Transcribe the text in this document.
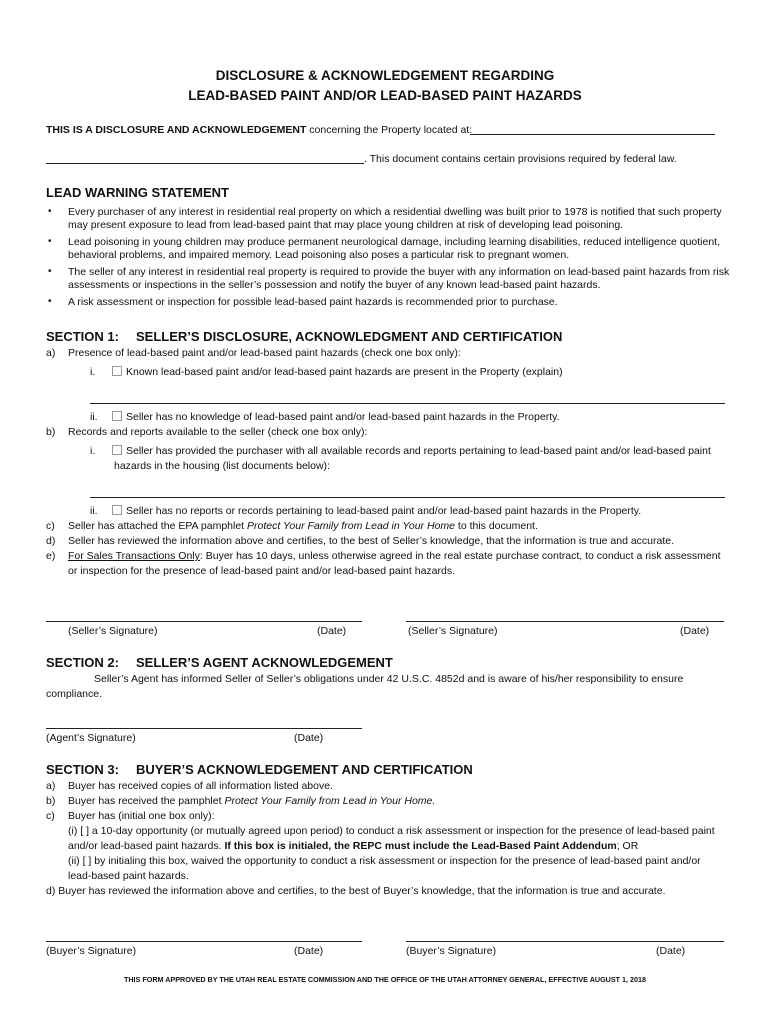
DISCLOSURE & ACKNOWLEDGEMENT REGARDING
LEAD-BASED PAINT AND/OR LEAD-BASED PAINT HAZARDS
THIS IS A DISCLOSURE AND ACKNOWLEDGEMENT concerning the Property located at:
. This document contains certain provisions required by federal law.
LEAD WARNING STATEMENT
• Every purchaser of any interest in residential real property on which a residential dwelling was built prior to 1978 is notified that such property
may present exposure to lead from lead-based paint that may place young children at risk of developing lead poisoning.
• Lead poisoning in young children may produce permanent neurological damage, including learning disabilities, reduced intelligence quotient,
behavioral problems, and impaired memory. Lead poisoning also poses a particular risk to pregnant women.
• The seller of any interest in residential real property is required to provide the buyer with any information on lead-based paint hazards from risk
assessments or inspections in the seller’s possession and notify the buyer of any known lead-based paint hazards.
• A risk assessment or inspection for possible lead-based paint hazards is recommended prior to purchase.
SECTION 1: SELLER’S DISCLOSURE, ACKNOWLEDGMENT AND CERTIFICATION
a) Presence of lead-based paint and/or lead-based paint hazards (check one box only):
i.	Known lead-based paint and/or lead-based paint hazards are present in the Property (explain)
ii.	Seller has no knowledge of lead-based paint and/or lead-based paint hazards in the Property.
b) Records and reports available to the seller (check one box only):
i.	Seller has provided the purchaser with all available records and reports pertaining to lead-based paint and/or lead-based paint
hazards in the housing (list documents below):
ii.	Seller has no reports or records pertaining to lead-based paint and/or lead-based paint hazards in the Property.
c) Seller has attached the EPA pamphlet Protect Your Family from Lead in Your Home to this document.
d) Seller has reviewed the information above and certifies, to the best of Seller’s knowledge, that the information is true and accurate.
e) For Sales Transactions Only: Buyer has 10 days, unless otherwise agreed in the real estate purchase contract, to conduct a risk assessment
or inspection for the presence of lead-based paint and/or lead-based paint hazards.
(Seller’s Signature)	(Date)	(Seller’s Signature)	(Date)
SECTION 2: SELLER’S AGENT ACKNOWLEDGEMENT
Seller’s Agent has informed Seller of Seller’s obligations under 42 U.S.C. 4852d and is aware of his/her responsibility to ensure
compliance.
(Agent’s Signature)	(Date)
SECTION 3: BUYER’S ACKNOWLEDGEMENT AND CERTIFICATION
a) Buyer has received copies of all information listed above.
b) Buyer has received the pamphlet Protect Your Family from Lead in Your Home.
c) Buyer has (initial one box only):
(i) [ ] a 10-day opportunity (or mutually agreed upon period) to conduct a risk assessment or inspection for the presence of lead-based paint
and/or lead-based paint hazards. If this box is initialed, the REPC must include the Lead-Based Paint Addendum; OR
(ii) [ ] by initialing this box, waived the opportunity to conduct a risk assessment or inspection for the presence of lead-based paint and/or
lead-based paint hazards.
d) Buyer has reviewed the information above and certifies, to the best of Buyer’s knowledge, that the information is true and accurate.
(Buyer’s Signature)	(Date)	(Buyer’s Signature)	(Date)
THIS FORM APPROVED BY THE UTAH REAL ESTATE COMMISSION AND THE OFFICE OF THE UTAH ATTORNEY GENERAL, EFFECTIVE AUGUST 1, 2018
